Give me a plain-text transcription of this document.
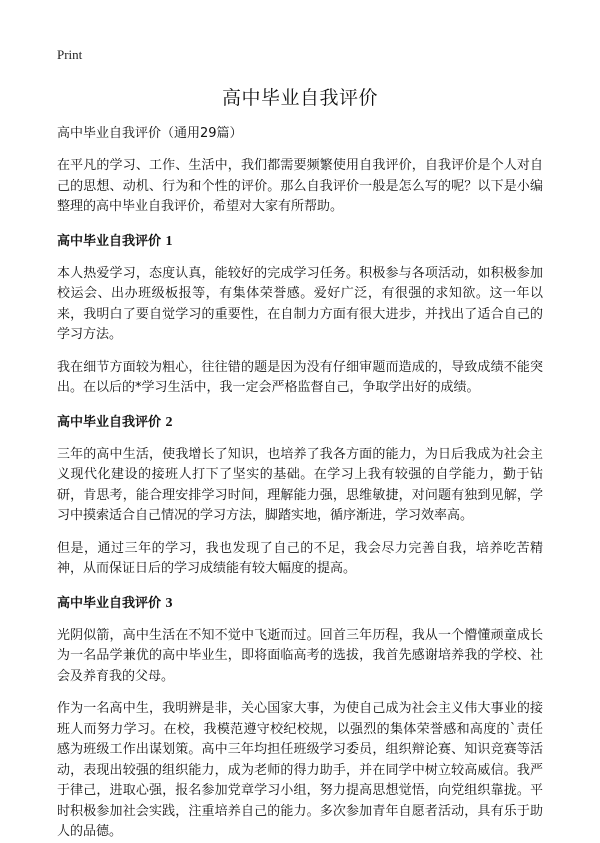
Print
高中毕业自我评价
高中毕业自我评价（通用29篇）

在平凡的学习、工作、生活中，我们都需要频繁使用自我评价，自我评价是个人对自己的思想、动机、行为和个性的评价。那么自我评价一般是怎么写的呢？以下是小编整理的高中毕业自我评价，希望对大家有所帮助。

高中毕业自我评价 1

本人热爱学习，态度认真，能较好的完成学习任务。积极参与各项活动，如积极参加校运会、出办班级板报等，有集体荣誉感。爱好广泛，有很强的求知欲。这一年以来，我明白了要自觉学习的重要性，在自制力方面有很大进步，并找出了适合自己的学习方法。

我在细节方面较为粗心，往往错的题是因为没有仔细审题而造成的，导致成绩不能突出。在以后的*学习生活中，我一定会严格监督自己，争取学出好的成绩。

高中毕业自我评价 2

三年的高中生活，使我增长了知识，也培养了我各方面的能力，为日后我成为社会主义现代化建设的接班人打下了坚实的基础。在学习上我有较强的自学能力，勤于钻研，肯思考，能合理安排学习时间，理解能力强，思维敏捷，对问题有独到见解，学习中摸索适合自己情况的学习方法，脚踏实地，循序渐进，学习效率高。

但是，通过三年的学习，我也发现了自己的不足，我会尽力完善自我，培养吃苦精神，从而保证日后的学习成绩能有较大幅度的提高。

高中毕业自我评价 3

光阴似箭，高中生活在不知不觉中飞逝而过。回首三年历程，我从一个懵懂顽童成长为一名品学兼优的高中毕业生，即将面临高考的选拔，我首先感谢培养我的学校、社会及养育我的父母。

作为一名高中生，我明辨是非，关心国家大事，为使自己成为社会主义伟大事业的接班人而努力学习。在校，我模范遵守校纪校规，以强烈的集体荣誉感和高度的`责任感为班级工作出谋划策。高中三年均担任班级学习委员，组织辩论赛、知识竞赛等活动，表现出较强的组织能力，成为老师的得力助手，并在同学中树立较高威信。我严于律己，进取心强，报名参加党章学习小组，努力提高思想觉悟，向党组织靠拢。平时积极参加社会实践，注重培养自己的能力。多次参加青年自愿者活动，具有乐于助人的品德。
